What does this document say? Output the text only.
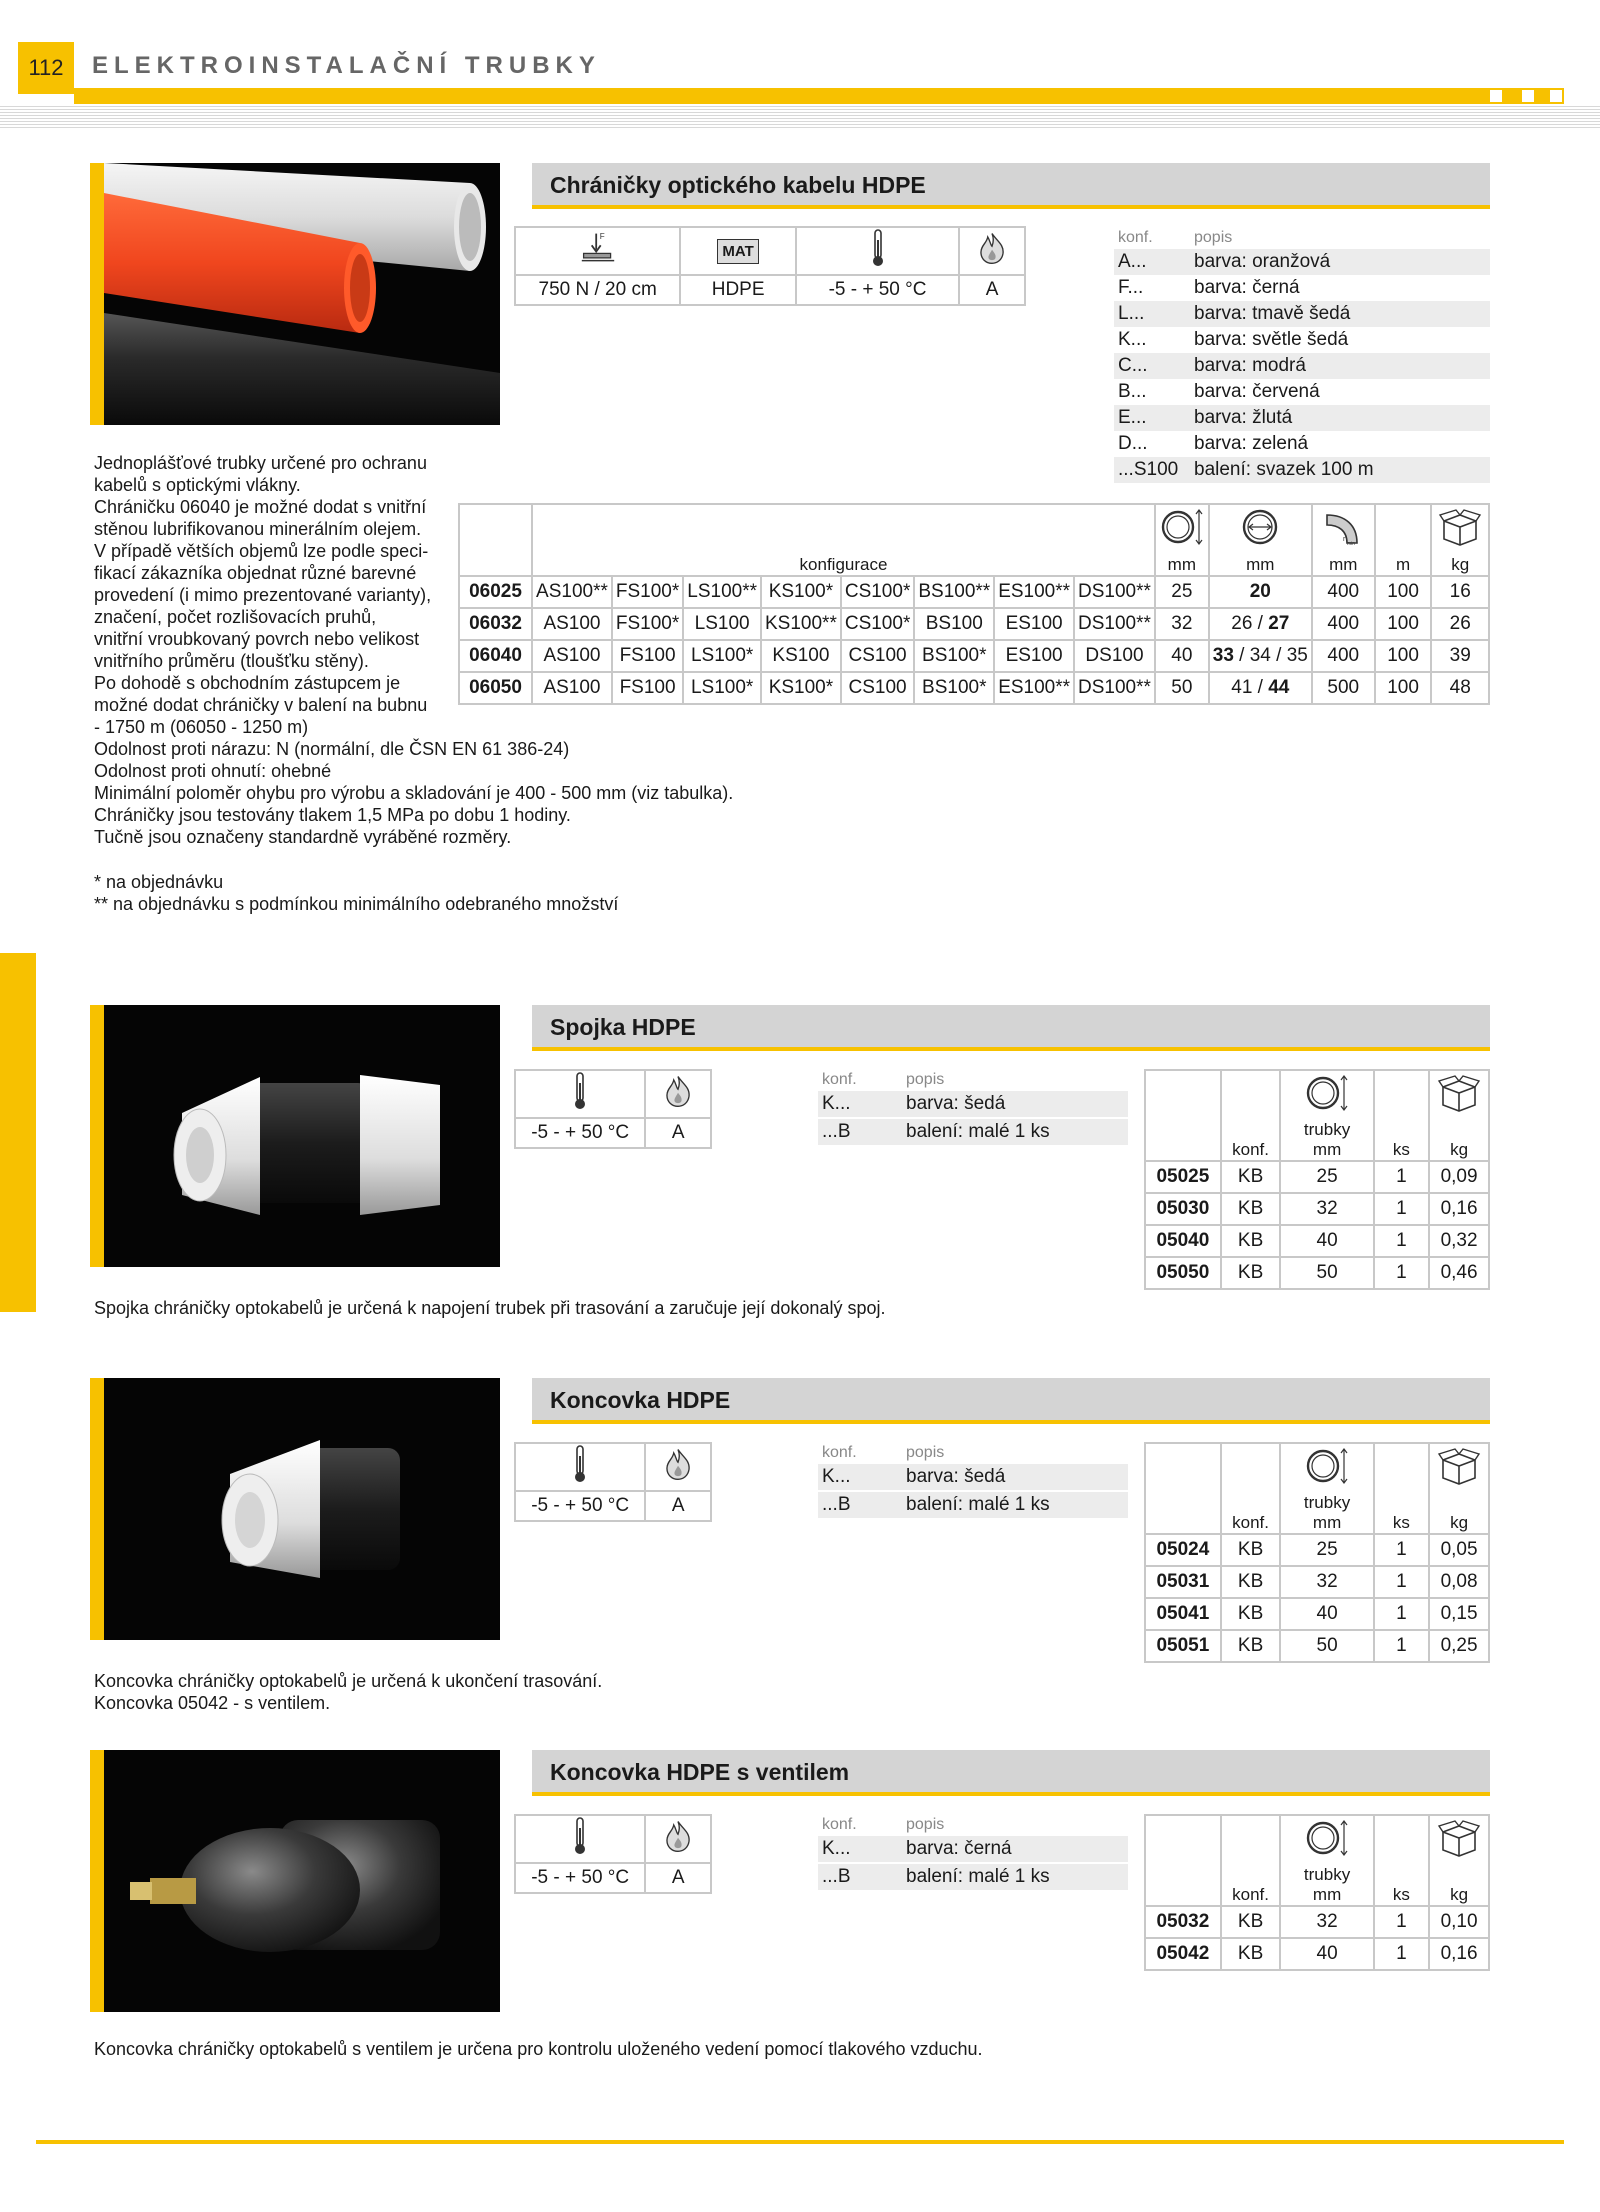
112	ELEKTROINSTALAČNÍ TRUBKY
Chráničky optického kabelu HDPE
	MAT		
750 N / 20 cm	HDPE	-5 - + 50 °C	A
konf.	popis
A...	barva: oranžová
F...	barva: černá
L...	barva: tmavě šedá
K...	barva: světle šedá
C...	barva: modrá
B...	barva: červená
E...	barva: žlutá
D...	barva: zelená
...S100 balení: svazek 100 m

	konfigurace								mm	mm	mm	m	kg
06025	AS100**	FS100*	LS100**	KS100*	CS100*	BS100**	ES100**	DS100**	25	20	400	100	16
06032	AS100	FS100*	LS100	KS100**	CS100*	BS100	ES100	DS100**	32	26 / 27	400	100	26
06040	AS100	FS100	LS100*	KS100	CS100	BS100*	ES100	DS100	40	33 / 34 / 35	400	100	39
06050	AS100	FS100	LS100*	KS100*	CS100	BS100*	ES100**	DS100**	50	41 / 44	500	100	48
Jednoplášťové trubky určené pro ochranu
kabelů s optickými vlákny.
Chráničku 06040 je možné dodat s vnitřní
stěnou lubrifikovanou minerálním olejem.
V případě větších objemů lze podle speci-
fikací zákazníka objednat různé barevné
provedení (i mimo prezentované varianty),
značení, počet rozlišovacích pruhů,
vnitřní vroubkovaný povrch nebo velikost
vnitřního průměru (tloušťku stěny).
Po dohodě s obchodním zástupcem je
možné dodat chráničky v balení na bubnu
- 1750 m (06050 - 1250 m)
Odolnost proti nárazu: N (normální, dle ČSN EN 61 386-24)
Odolnost proti ohnutí: ohebné
Minimální poloměr ohybu pro výrobu a skladování je 400 - 500 mm (viz tabulka).
Chráničky jsou testovány tlakem 1,5 MPa po dobu 1 hodiny.
Tučně jsou označeny standardně vyráběné rozměry.
* na objednávku
** na objednávku s podmínkou minimálního odebraného množství
Spojka HDPE

-5 - + 50 °C	A
konf.	popis
K...	barva: šedá
...B	balení: malé 1 ks

	konf.	trubky
mm	ks	kg
05025	KB	25	1	0,09
05030	KB	32	1	0,16
05040	KB	40	1	0,32
05050	KB	50	1	0,46
Spojka chráničky optokabelů je určená k napojení trubek při trasování a zaručuje její dokonalý spoj.
Koncovka HDPE

-5 - + 50 °C	A
konf.	popis
K...	barva: šedá
...B	balení: malé 1 ks

	konf.	trubky
mm	ks	kg
05024	KB	25	1	0,05
05031	KB	32	1	0,08
05041	KB	40	1	0,15
05051	KB	50	1	0,25
Koncovka chráničky optokabelů je určená k ukončení trasování.
Koncovka 05042 - s ventilem.
Koncovka HDPE s ventilem

-5 - + 50 °C	A
konf.	popis
K...	barva: černá
...B	balení: malé 1 ks

	konf.	trubky
mm	ks	kg
05032	KB	32	1	0,10
05042	KB	40	1	0,16
Koncovka chráničky optokabelů s ventilem je určena pro kontrolu uloženého vedení pomocí tlakového vzduchu.
